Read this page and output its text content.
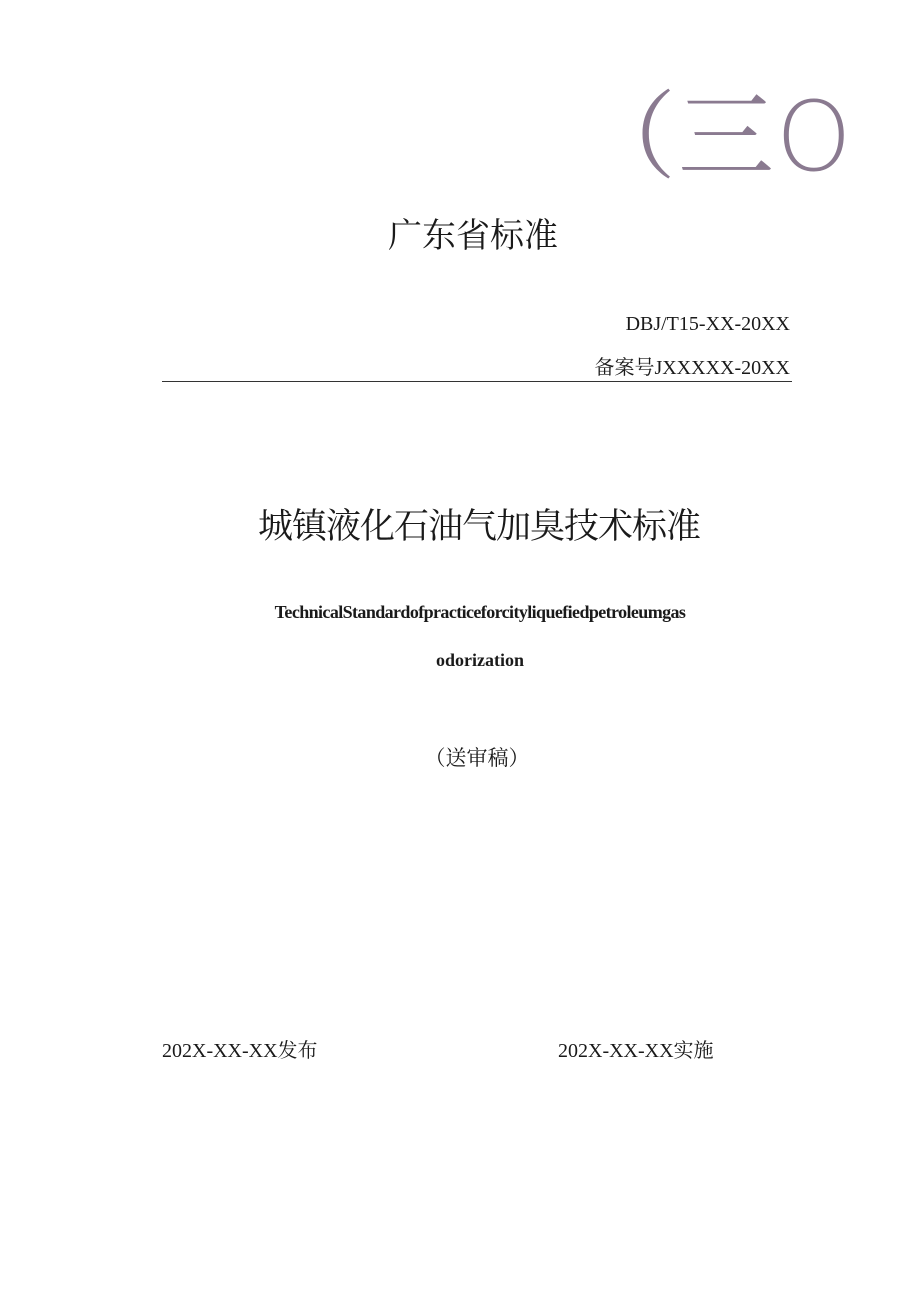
（三O
广东省标准
DBJ/T15-XX-20XX
备案号JXXXXX-20XX
城镇液化石油气加臭技术标准
TechnicalStandardofpracticeforcityliquefiedpetroleumgas
odorization
（送审稿）
202X-XX-XX发布	202X-XX-XX实施
